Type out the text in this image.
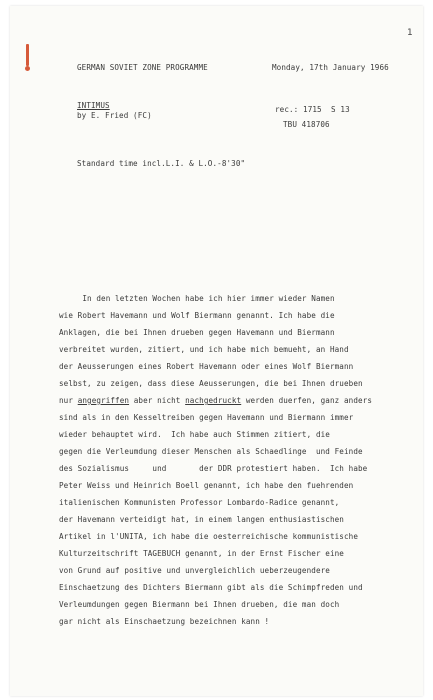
1
GERMAN SOVIET ZONE PROGRAMME	Monday, 17th January 1966
INTIMUS
by E. Fried (FC)
rec.: 1715  S 13
TBU 418706
Standard time incl.L.I. & L.O.-8'30"
In den letzten Wochen habe ich hier immer wieder Namen
wie Robert Havemann und Wolf Biermann genannt. Ich habe die
Anklagen, die bei Ihnen drueben gegen Havemann und Biermann
verbreitet wurden, zitiert, und ich habe mich bemueht, an Hand
der Aeusserungen eines Robert Havemann oder eines Wolf Biermann
selbst, zu zeigen, dass diese Aeusserungen, die bei Ihnen drueben
nur angegriffen aber nicht nachgedruckt werden duerfen, ganz anders
sind als in den Kesseltreiben gegen Havemann und Biermann immer
wieder behauptet wird.  Ich habe auch Stimmen zitiert, die
gegen die Verleumdung dieser Menschen als Schaedlinge  und Feinde
des Sozialismus     und       der DDR protestiert haben.  Ich habe
Peter Weiss und Heinrich Boell genannt, ich habe den fuehrenden
italienischen Kommunisten Professor Lombardo-Radice genannt,
der Havemann verteidigt hat, in einem langen enthusiastischen
Artikel in l'UNITA, ich habe die oesterreichische kommunistische
Kulturzeitschrift TAGEBUCH genannt, in der Ernst Fischer eine
von Grund auf positive und unvergleichlich ueberzeugendere
Einschaetzung des Dichters Biermann gibt als die Schimpfreden und
Verleumdungen gegen Biermann bei Ihnen drueben, die man doch
gar nicht als Einschaetzung bezeichnen kann !
